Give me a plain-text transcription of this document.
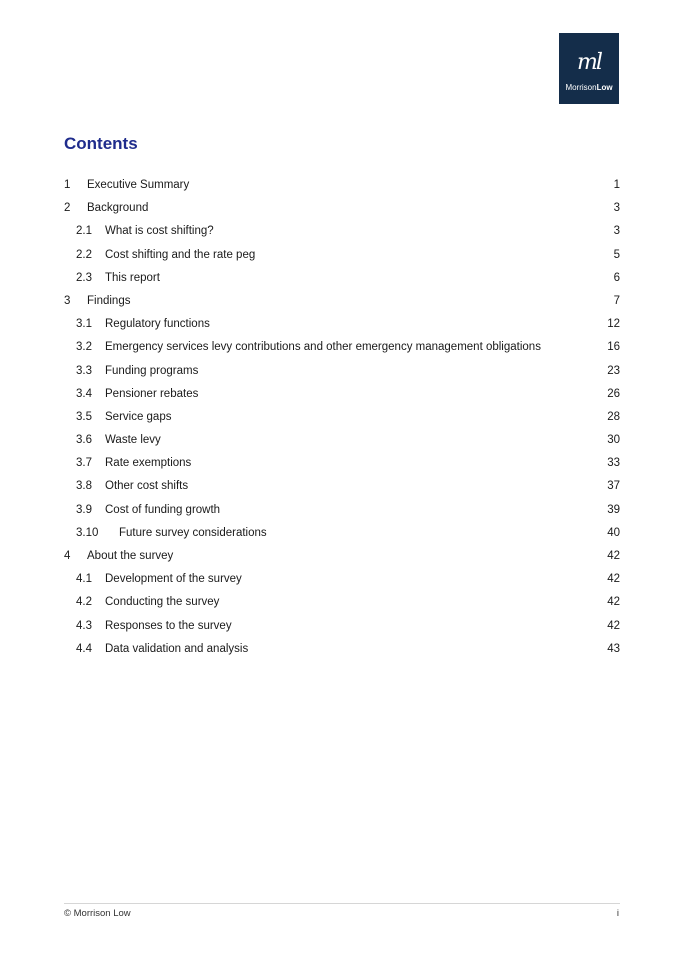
ml
MorrisonLow
Contents
1 Executive Summary	1
2 Background	3
2.1 What is cost shifting?	3
2.2 Cost shifting and the rate peg	5
2.3 This report	6
3 Findings	7
3.1 Regulatory functions	12
3.2 Emergency services levy contributions and other emergency management obligations	16
3.3 Funding programs	23
3.4 Pensioner rebates	26
3.5 Service gaps	28
3.6 Waste levy	30
3.7 Rate exemptions	33
3.8 Other cost shifts	37
3.9 Cost of funding growth	39
3.10 Future survey considerations	40
4 About the survey	42
4.1 Development of the survey	42
4.2 Conducting the survey	42
4.3 Responses to the survey	42
4.4 Data validation and analysis	43
© Morrison Low	i
